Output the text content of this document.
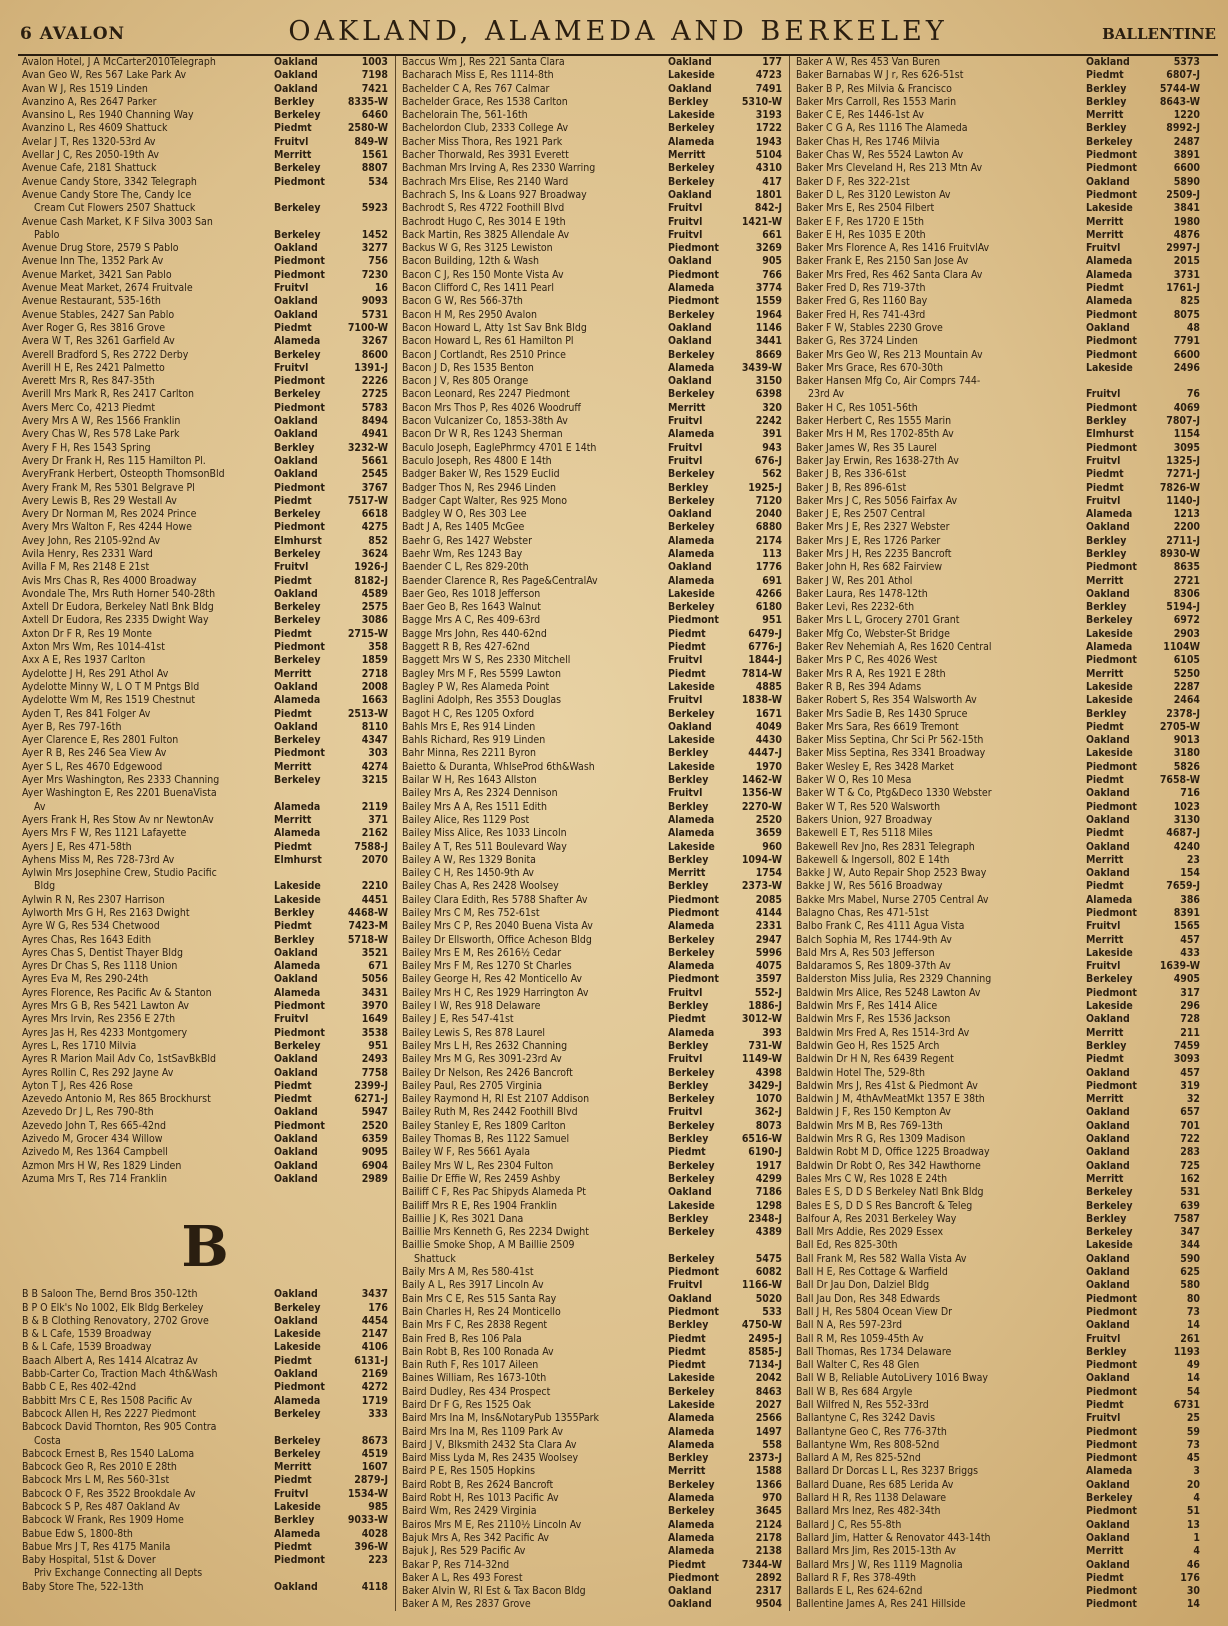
6 AVALON	OAKLAND, ALAMEDA AND BERKELEY	BALLENTINE
Avalon Hotel, J A McCarter2010Telegraph	Oakland	1003
Avan Geo W, Res 567 Lake Park Av	Oakland	7198
Avan W J, Res 1519 Linden	Oakland	7421
Avanzino A, Res 2647 Parker	Berkley	8335-W
Avansino L, Res 1940 Channing Way	Berkeley	6460
Avanzino L, Res 4609 Shattuck	Piedmt	2580-W
Avelar J T, Res 1320-53rd Av	Fruitvl	849-W
Avellar J C, Res 2050-19th Av	Merritt	1561
Avenue Cafe, 2181 Shattuck	Berkeley	8807
Avenue Candy Store, 3342 Telegraph	Piedmont	534
Avenue Candy Store The, Candy Ice
Cream Cut Flowers 2507 Shattuck	Berkeley	5923
Avenue Cash Market, K F Silva 3003 San
Pablo	Berkeley	1452
Avenue Drug Store, 2579 S Pablo	Oakland	3277
Avenue Inn The, 1352 Park Av	Piedmont	756
Avenue Market, 3421 San Pablo	Piedmont	7230
Avenue Meat Market, 2674 Fruitvale	Fruitvl	16
Avenue Restaurant, 535-16th	Oakland	9093
Avenue Stables, 2427 San Pablo	Oakland	5731
Aver Roger G, Res 3816 Grove	Piedmt	7100-W
Avera W T, Res 3261 Garfield Av	Alameda	3267
Averell Bradford S, Res 2722 Derby	Berkeley	8600
Averill H E, Res 2421 Palmetto	Fruitvl	1391-J
Averett Mrs R, Res 847-35th	Piedmont	2226
Averill Mrs Mark R, Res 2417 Carlton	Berkeley	2725
Avers Merc Co, 4213 Piedmt	Piedmont	5783
Avery Mrs A W, Res 1566 Franklin	Oakland	8494
Avery Chas W, Res 578 Lake Park	Oakland	4941
Avery F H, Res 1543 Spring	Berkley	3232-W
Avery Dr Frank H, Res 115 Hamilton Pl.	Oakland	5661
AveryFrank Herbert, Osteopth ThomsonBld	Oakland	2545
Avery Frank M, Res 5301 Belgrave Pl	Piedmont	3767
Avery Lewis B, Res 29 Westall Av	Piedmt	7517-W
Avery Dr Norman M, Res 2024 Prince	Berkeley	6618
Avery Mrs Walton F, Res 4244 Howe	Piedmont	4275
Avey John, Res 2105-92nd Av	Elmhurst	852
Avila Henry, Res 2331 Ward	Berkeley	3624
Avilla F M, Res 2148 E 21st	Fruitvl	1926-J
Avis Mrs Chas R, Res 4000 Broadway	Piedmt	8182-J
Avondale The, Mrs Ruth Horner 540-28th	Oakland	4589
Axtell Dr Eudora, Berkeley Natl Bnk Bldg	Berkeley	2575
Axtell Dr Eudora, Res 2335 Dwight Way	Berkeley	3086
Axton Dr F R, Res 19 Monte	Piedmt	2715-W
Axton Mrs Wm, Res 1014-41st	Piedmont	358
Axx A E, Res 1937 Carlton	Berkeley	1859
Aydelotte J H, Res 291 Athol Av	Merritt	2718
Aydelotte Minny W, L O T M Pntgs Bld	Oakland	2008
Aydelotte Wm M, Res 1519 Chestnut	Alameda	1663
Ayden T, Res 841 Folger Av	Piedmt	2513-W
Ayer B, Res 797-16th	Oakland	8110
Ayer Clarence E, Res 2801 Fulton	Berkeley	4347
Ayer R B, Res 246 Sea View Av	Piedmont	303
Ayer S L, Res 4670 Edgewood	Merritt	4274
Ayer Mrs Washington, Res 2333 Channing	Berkeley	3215
Ayer Washington E, Res 2201 BuenaVista
Av	Alameda	2119
Ayers Frank H, Res Stow Av nr NewtonAv	Merritt	371
Ayers Mrs F W, Res 1121 Lafayette	Alameda	2162
Ayers J E, Res 471-58th	Piedmt	7588-J
Ayhens Miss M, Res 728-73rd Av	Elmhurst	2070
Aylwin Mrs Josephine Crew, Studio Pacific
Bldg	Lakeside	2210
Aylwin R N, Res 2307 Harrison	Lakeside	4451
Aylworth Mrs G H, Res 2163 Dwight	Berkley	4468-W
Ayre W G, Res 534 Chetwood	Piedmt	7423-M
Ayres Chas, Res 1643 Edith	Berkley	5718-W
Ayres Chas S, Dentist Thayer Bldg	Oakland	3521
Ayres Dr Chas S, Res 1118 Union	Alameda	671
Ayres Eva M, Res 290-24th	Oakland	5056
Ayres Florence, Res Pacific Av & Stanton	Alameda	3431
Ayres Mrs G B, Res 5421 Lawton Av	Piedmont	3970
Ayres Mrs Irvin, Res 2356 E 27th	Fruitvl	1649
Ayres Jas H, Res 4233 Montgomery	Piedmont	3538
Ayres L, Res 1710 Milvia	Berkeley	951
Ayres R Marion Mail Adv Co, 1stSavBkBld	Oakland	2493
Ayres Rollin C, Res 292 Jayne Av	Oakland	7758
Ayton T J, Res 426 Rose	Piedmt	2399-J
Azevedo Antonio M, Res 865 Brockhurst	Piedmt	6271-J
Azevedo Dr J L, Res 790-8th	Oakland	5947
Azevedo John T, Res 665-42nd	Piedmont	2520
Azivedo M, Grocer 434 Willow	Oakland	6359
Azivedo M, Res 1364 Campbell	Oakland	9095
Azmon Mrs H W, Res 1829 Linden	Oakland	6904
Azuma Mrs T, Res 714 Franklin	Oakland	2989
B
B B Saloon The, Bernd Bros 350-12th	Oakland	3437
B P O Elk's No 1002, Elk Bldg Berkeley	Berkeley	176
B & B Clothing Renovatory, 2702 Grove	Oakland	4454
B & L Cafe, 1539 Broadway	Lakeside	2147
B & L Cafe, 1539 Broadway	Lakeside	4106
Baach Albert A, Res 1414 Alcatraz Av	Piedmt	6131-J
Babb-Carter Co, Traction Mach 4th&Wash	Oakland	2169
Babb C E, Res 402-42nd	Piedmont	4272
Babbitt Mrs C E, Res 1508 Pacific Av	Alameda	1719
Babcock Allen H, Res 2227 Piedmont	Berkeley	333
Babcock David Thornton, Res 905 Contra
Costa	Berkeley	8673
Babcock Ernest B, Res 1540 LaLoma	Berkeley	4519
Babcock Geo R, Res 2010 E 28th	Merritt	1607
Babcock Mrs L M, Res 560-31st	Piedmt	2879-J
Babcock O F, Res 3522 Brookdale Av	Fruitvl	1534-W
Babcock S P, Res 487 Oakland Av	Lakeside	985
Babcock W Frank, Res 1909 Home	Berkley	9033-W
Babue Edw S, 1800-8th	Alameda	4028
Babue Mrs J T, Res 4175 Manila	Piedmt	396-W
Baby Hospital, 51st & Dover	Piedmont	223
Priv Exchange Connecting all Depts
Baby Store The, 522-13th	Oakland	4118
Baccus Wm J, Res 221 Santa Clara	Oakland	177
Bacharach Miss E, Res 1114-8th	Lakeside	4723
Bachelder C A, Res 767 Calmar	Oakland	7491
Bachelder Grace, Res 1538 Carlton	Berkley	5310-W
Bachelorain The, 561-16th	Lakeside	3193
Bachelordon Club, 2333 College Av	Berkeley	1722
Bacher Miss Thora, Res 1921 Park	Alameda	1943
Bacher Thorwald, Res 3931 Everett	Merritt	5104
Bachman Mrs Irving A, Res 2330 Warring	Berkeley	4310
Bachrach Mrs Elise, Res 2140 Ward	Berkeley	417
Bachrach S, Ins & Loans 927 Broadway	Oakland	1801
Bachrodt S, Res 4722 Foothill Blvd	Fruitvl	842-J
Bachrodt Hugo C, Res 3014 E 19th	Fruitvl	1421-W
Back Martin, Res 3825 Allendale Av	Fruitvl	661
Backus W G, Res 3125 Lewiston	Piedmont	3269
Bacon Building, 12th & Wash	Oakland	905
Bacon C J, Res 150 Monte Vista Av	Piedmont	766
Bacon Clifford C, Res 1411 Pearl	Alameda	3774
Bacon G W, Res 566-37th	Piedmont	1559
Bacon H M, Res 2950 Avalon	Berkeley	1964
Bacon Howard L, Atty 1st Sav Bnk Bldg	Oakland	1146
Bacon Howard L, Res 61 Hamilton Pl	Oakland	3441
Bacon J Cortlandt, Res 2510 Prince	Berkeley	8669
Bacon J D, Res 1535 Benton	Alameda	3439-W
Bacon J V, Res 805 Orange	Oakland	3150
Bacon Leonard, Res 2247 Piedmont	Berkeley	6398
Bacon Mrs Thos P, Res 4026 Woodruff	Merritt	320
Bacon Vulcanizer Co, 1853-38th Av	Fruitvl	2242
Bacon Dr W R, Res 1243 Sherman	Alameda	391
Baculo Joseph, EaglePhrmcy 4701 E 14th	Fruitvl	943
Baculo Joseph, Res 4800 E 14th	Fruitvl	676-J
Badger Baker W, Res 1529 Euclid	Berkeley	562
Badger Thos N, Res 2946 Linden	Berkley	1925-J
Badger Capt Walter, Res 925 Mono	Berkeley	7120
Badgley W O, Res 303 Lee	Oakland	2040
Badt J A, Res 1405 McGee	Berkeley	6880
Baehr G, Res 1427 Webster	Alameda	2174
Baehr Wm, Res 1243 Bay	Alameda	113
Baender C L, Res 829-20th	Oakland	1776
Baender Clarence R, Res Page&CentralAv	Alameda	691
Baer Geo, Res 1018 Jefferson	Lakeside	4266
Baer Geo B, Res 1643 Walnut	Berkeley	6180
Bagge Mrs A C, Res 409-63rd	Piedmont	951
Bagge Mrs John, Res 440-62nd	Piedmt	6479-J
Baggett R B, Res 427-62nd	Piedmt	6776-J
Baggett Mrs W S, Res 2330 Mitchell	Fruitvl	1844-J
Bagley Mrs M F, Res 5599 Lawton	Piedmt	7814-W
Bagley P W, Res Alameda Point	Lakeside	4885
Baglini Adolph, Res 3553 Douglas	Fruitvl	1838-W
Bagot H C, Res 1205 Oxford	Berkeley	1671
Bahls Mrs E, Res 914 Linden	Oakland	4049
Bahls Richard, Res 919 Linden	Lakeside	4430
Bahr Minna, Res 2211 Byron	Berkley	4447-J
Baietto & Duranta, WhlseProd 6th&Wash	Lakeside	1970
Bailar W H, Res 1643 Allston	Berkley	1462-W
Bailey Mrs A, Res 2324 Dennison	Fruitvl	1356-W
Bailey Mrs A A, Res 1511 Edith	Berkley	2270-W
Bailey Alice, Res 1129 Post	Alameda	2520
Bailey Miss Alice, Res 1033 Lincoln	Alameda	3659
Bailey A T, Res 511 Boulevard Way	Lakeside	960
Bailey A W, Res 1329 Bonita	Berkley	1094-W
Bailey C H, Res 1450-9th Av	Merritt	1754
Bailey Chas A, Res 2428 Woolsey	Berkley	2373-W
Bailey Clara Edith, Res 5788 Shafter Av	Piedmont	2085
Bailey Mrs C M, Res 752-61st	Piedmont	4144
Bailey Mrs C P, Res 2040 Buena Vista Av	Alameda	2331
Bailey Dr Ellsworth, Office Acheson Bldg	Berkeley	2947
Bailey Mrs E M, Res 2616½ Cedar	Berkeley	5996
Bailey Mrs F M, Res 1270 St Charles	Alameda	4075
Bailey George H, Res 42 Monticello Av	Piedmont	3597
Bailey Mrs H C, Res 1929 Harrington Av	Fruitvl	552-J
Bailey I W, Res 918 Delaware	Berkley	1886-J
Bailey J E, Res 547-41st	Piedmt	3012-W
Bailey Lewis S, Res 878 Laurel	Alameda	393
Bailey Mrs L H, Res 2632 Channing	Berkley	731-W
Bailey Mrs M G, Res 3091-23rd Av	Fruitvl	1149-W
Bailey Dr Nelson, Res 2426 Bancroft	Berkeley	4398
Bailey Paul, Res 2705 Virginia	Berkley	3429-J
Bailey Raymond H, Rl Est 2107 Addison	Berkeley	1070
Bailey Ruth M, Res 2442 Foothill Blvd	Fruitvl	362-J
Bailey Stanley E, Res 1809 Carlton	Berkeley	8073
Bailey Thomas B, Res 1122 Samuel	Berkley	6516-W
Bailey W F, Res 5661 Ayala	Piedmt	6190-J
Bailey Mrs W L, Res 2304 Fulton	Berkeley	1917
Bailie Dr Effie W, Res 2459 Ashby	Berkeley	4299
Bailiff C F, Res Pac Shipyds Alameda Pt	Oakland	7186
Bailiff Mrs R E, Res 1904 Franklin	Lakeside	1298
Baillie J K, Res 3021 Dana	Berkley	2348-J
Baillie Mrs Kenneth G, Res 2234 Dwight	Berkeley	4389
Baillie Smoke Shop, A M Baillie 2509
Shattuck	Berkeley	5475
Baily Mrs A M, Res 580-41st	Piedmont	6082
Baily A L, Res 3917 Lincoln Av	Fruitvl	1166-W
Bain Mrs C E, Res 515 Santa Ray	Oakland	5020
Bain Charles H, Res 24 Monticello	Piedmont	533
Bain Mrs F C, Res 2838 Regent	Berkley	4750-W
Bain Fred B, Res 106 Pala	Piedmt	2495-J
Bain Robt B, Res 100 Ronada Av	Piedmt	8585-J
Bain Ruth F, Res 1017 Aileen	Piedmt	7134-J
Baines William, Res 1673-10th	Lakeside	2042
Baird Dudley, Res 434 Prospect	Berkeley	8463
Baird Dr F G, Res 1525 Oak	Lakeside	2027
Baird Mrs Ina M, Ins&NotaryPub 1355Park	Alameda	2566
Baird Mrs Ina M, Res 1109 Park Av	Alameda	1497
Baird J V, Blksmith 2432 Sta Clara Av	Alameda	558
Baird Miss Lyda M, Res 2435 Woolsey	Berkley	2373-J
Baird P E, Res 1505 Hopkins	Merritt	1588
Baird Robt B, Res 2624 Bancroft	Berkeley	1366
Baird Robt H, Res 1013 Pacific Av	Alameda	970
Baird Wm, Res 2429 Virginia	Berkeley	3645
Bairos Mrs M E, Res 2110½ Lincoln Av	Alameda	2124
Bajuk Mrs A, Res 342 Pacific Av	Alameda	2178
Bajuk J, Res 529 Pacific Av	Alameda	2138
Bakar P, Res 714-32nd	Piedmt	7344-W
Baker A L, Res 493 Forest	Piedmont	2892
Baker Alvin W, Rl Est & Tax Bacon Bldg	Oakland	2317
Baker A M, Res 2837 Grove	Oakland	9504
Baker A W, Res 453 Van Buren	Oakland	5373
Baker Barnabas W J r, Res 626-51st	Piedmt	6807-J
Baker B P, Res Milvia & Francisco	Berkley	5744-W
Baker Mrs Carroll, Res 1553 Marin	Berkley	8643-W
Baker C E, Res 1446-1st Av	Merritt	1220
Baker C G A, Res 1116 The Alameda	Berkley	8992-J
Baker Chas H, Res 1746 Milvia	Berkeley	2487
Baker Chas W, Res 5524 Lawton Av	Piedmont	3891
Baker Mrs Cleveland H, Res 213 Mtn Av	Piedmont	6600
Baker D F, Res 322-21st	Oakland	5890
Baker D L, Res 3120 Lewiston Av	Piedmont	2509-J
Baker Mrs E, Res 2504 Filbert	Lakeside	3841
Baker E F, Res 1720 E 15th	Merritt	1980
Baker E H, Res 1035 E 20th	Merritt	4876
Baker Mrs Florence A, Res 1416 FruitvlAv	Fruitvl	2997-J
Baker Frank E, Res 2150 San Jose Av	Alameda	2015
Baker Mrs Fred, Res 462 Santa Clara Av	Alameda	3731
Baker Fred D, Res 719-37th	Piedmt	1761-J
Baker Fred G, Res 1160 Bay	Alameda	825
Baker Fred H, Res 741-43rd	Piedmont	8075
Baker F W, Stables 2230 Grove	Oakland	48
Baker G, Res 3724 Linden	Piedmont	7791
Baker Mrs Geo W, Res 213 Mountain Av	Piedmont	6600
Baker Mrs Grace, Res 670-30th	Lakeside	2496
Baker Hansen Mfg Co, Air Comprs 744-
23rd Av	Fruitvl	76
Baker H C, Res 1051-56th	Piedmont	4069
Baker Herbert C, Res 1555 Marin	Berkley	7807-J
Baker Mrs H M, Res 1702-85th Av	Elmhurst	1154
Baker James W, Res 35 Laurel	Piedmont	3095
Baker Jay Erwin, Res 1638-27th Av	Fruitvl	1325-J
Baker J B, Res 336-61st	Piedmt	7271-J
Baker J B, Res 896-61st	Piedmt	7826-W
Baker Mrs J C, Res 5056 Fairfax Av	Fruitvl	1140-J
Baker J E, Res 2507 Central	Alameda	1213
Baker Mrs J E, Res 2327 Webster	Oakland	2200
Baker Mrs J E, Res 1726 Parker	Berkley	2711-J
Baker Mrs J H, Res 2235 Bancroft	Berkley	8930-W
Baker John H, Res 682 Fairview	Piedmont	8635
Baker J W, Res 201 Athol	Merritt	2721
Baker Laura, Res 1478-12th	Oakland	8306
Baker Levi, Res 2232-6th	Berkley	5194-J
Baker Mrs L L, Grocery 2701 Grant	Berkeley	6972
Baker Mfg Co, Webster-St Bridge	Lakeside	2903
Baker Rev Nehemiah A, Res 1620 Central	Alameda	1104W
Baker Mrs P C, Res 4026 West	Piedmont	6105
Baker Mrs R A, Res 1921 E 28th	Merritt	5250
Baker R B, Res 394 Adams	Lakeside	2287
Baker Robert S, Res 354 Walsworth Av	Lakeside	2464
Baker Mrs Sadie B, Res 1430 Spruce	Berkley	2378-J
Baker Mrs Sara, Res 6619 Tremont	Piedmt	2705-W
Baker Miss Septina, Chr Sci Pr 562-15th	Oakland	9013
Baker Miss Septina, Res 3341 Broadway	Lakeside	3180
Baker Wesley E, Res 3428 Market	Piedmont	5826
Baker W O, Res 10 Mesa	Piedmt	7658-W
Baker W T & Co, Ptg&Deco 1330 Webster	Oakland	716
Baker W T, Res 520 Walsworth	Piedmont	1023
Bakers Union, 927 Broadway	Oakland	3130
Bakewell E T, Res 5118 Miles	Piedmt	4687-J
Bakewell Rev Jno, Res 2831 Telegraph	Oakland	4240
Bakewell & Ingersoll, 802 E 14th	Merritt	23
Bakke J W, Auto Repair Shop 2523 Bway	Oakland	154
Bakke J W, Res 5616 Broadway	Piedmt	7659-J
Bakke Mrs Mabel, Nurse 2705 Central Av	Alameda	386
Balagno Chas, Res 471-51st	Piedmont	8391
Balbo Frank C, Res 4111 Agua Vista	Fruitvl	1565
Balch Sophia M, Res 1744-9th Av	Merritt	457
Bald Mrs A, Res 503 Jefferson	Lakeside	433
Baldaramos S, Res 1809-37th Av	Fruitvl	1639-W
Balderston Miss Julia, Res 2329 Channing	Berkeley	4905
Baldwin Mrs Alice, Res 5248 Lawton Av	Piedmont	317
Baldwin Mrs F, Res 1414 Alice	Lakeside	296
Baldwin Mrs F, Res 1536 Jackson	Oakland	728
Baldwin Mrs Fred A, Res 1514-3rd Av	Merritt	211
Baldwin Geo H, Res 1525 Arch	Berkley	7459
Baldwin Dr H N, Res 6439 Regent	Piedmt	3093
Baldwin Hotel The, 529-8th	Oakland	457
Baldwin Mrs J, Res 41st & Piedmont Av	Piedmont	319
Baldwin J M, 4thAvMeatMkt 1357 E 38th	Merritt	32
Baldwin J F, Res 150 Kempton Av	Oakland	657
Baldwin Mrs M B, Res 769-13th	Oakland	701
Baldwin Mrs R G, Res 1309 Madison	Oakland	722
Baldwin Robt M D, Office 1225 Broadway	Oakland	283
Baldwin Dr Robt O, Res 342 Hawthorne	Oakland	725
Bales Mrs C W, Res 1028 E 24th	Merritt	162
Bales E S, D D S Berkeley Natl Bnk Bldg	Berkeley	531
Bales E S, D D S Res Bancroft & Teleg	Berkeley	639
Balfour A, Res 2031 Berkeley Way	Berkley	7587
Ball Mrs Addie, Res 2029 Essex	Berkeley	347
Ball Ed, Res 825-30th	Lakeside	344
Ball Frank M, Res 582 Walla Vista Av	Oakland	590
Ball H E, Res Cottage & Warfield	Oakland	625
Ball Dr Jau Don, Dalziel Bldg	Oakland	580
Ball Jau Don, Res 348 Edwards	Piedmont	80
Ball J H, Res 5804 Ocean View Dr	Piedmont	73
Ball N A, Res 597-23rd	Oakland	14
Ball R M, Res 1059-45th Av	Fruitvl	261
Ball Thomas, Res 1734 Delaware	Berkley	1193
Ball Walter C, Res 48 Glen	Piedmont	49
Ball W B, Reliable AutoLivery 1016 Bway	Oakland	14
Ball W B, Res 684 Argyle	Piedmont	54
Ball Wilfred N, Res 552-33rd	Piedmt	6731
Ballantyne C, Res 3242 Davis	Fruitvl	25
Ballantyne Geo C, Res 776-37th	Piedmont	59
Ballantyne Wm, Res 808-52nd	Piedmont	73
Ballard A M, Res 825-52nd	Piedmont	45
Ballard Dr Dorcas L L, Res 3237 Briggs	Alameda	3
Ballard Duane, Res 685 Lerida Av	Oakland	20
Ballard H R, Res 1138 Delaware	Berkeley	4
Ballard Mrs Inez, Res 482-34th	Piedmont	51
Ballard J C, Res 55-8th	Oakland	13
Ballard Jim, Hatter & Renovator 443-14th	Oakland	1
Ballard Mrs Jim, Res 2015-13th Av	Merritt	4
Ballard Mrs J W, Res 1119 Magnolia	Oakland	46
Ballard R F, Res 378-49th	Piedmt	176
Ballards E L, Res 624-62nd	Piedmont	30
Ballentine James A, Res 241 Hillside	Piedmont	14
